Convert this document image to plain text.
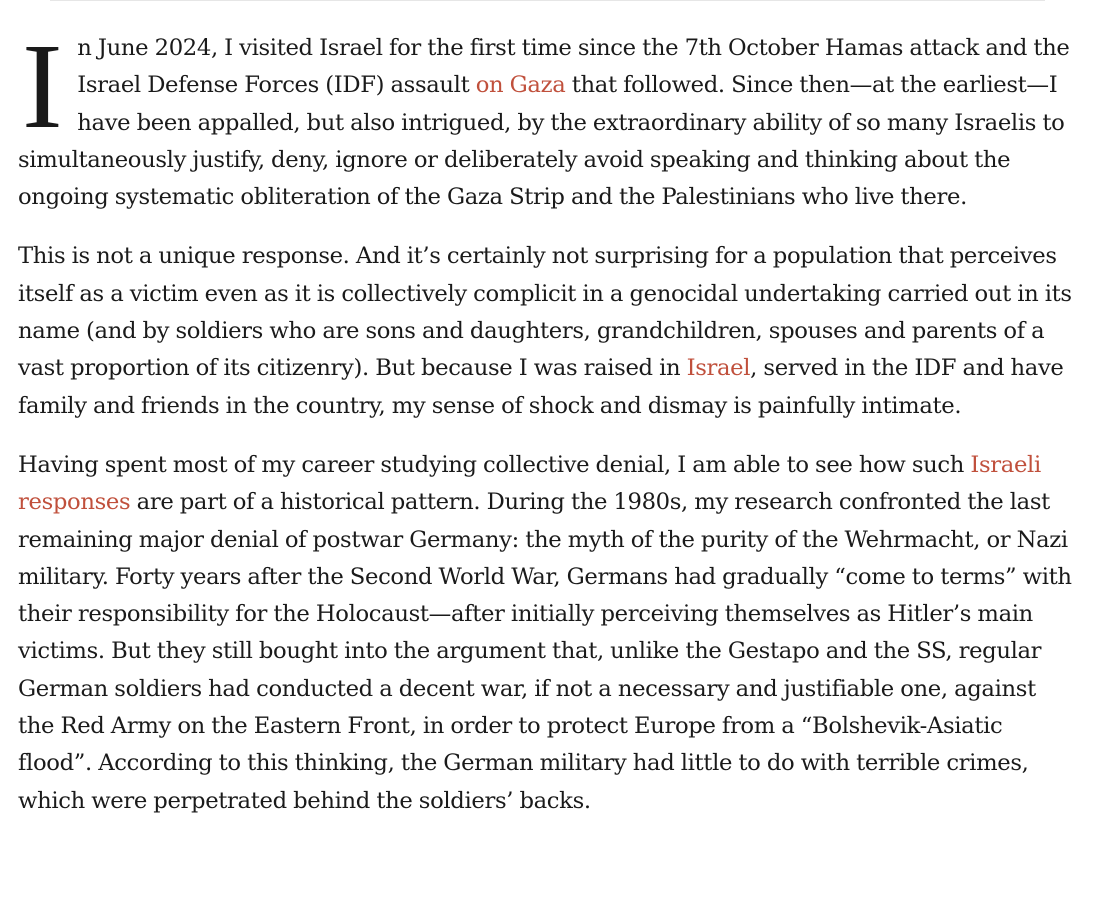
In June 2024, I visited Israel for the first time since the 7th October Hamas attack and the Israel Defense Forces (IDF) assault on Gaza that followed. Since then—at the earliest—I have been appalled, but also intrigued, by the extraordinary ability of so many Israelis to simultaneously justify, deny, ignore or deliberately avoid speaking and thinking about the ongoing systematic obliteration of the Gaza Strip and the Palestinians who live there.

This is not a unique response. And it’s certainly not surprising for a population that perceives itself as a victim even as it is collectively complicit in a genocidal undertaking carried out in its name (and by soldiers who are sons and daughters, grandchildren, spouses and parents of a vast proportion of its citizenry). But because I was raised in Israel, served in the IDF and have family and friends in the country, my sense of shock and dismay is painfully intimate.

Having spent most of my career studying collective denial, I am able to see how such Israeli responses are part of a historical pattern. During the 1980s, my research confronted the last remaining major denial of postwar Germany: the myth of the purity of the Wehrmacht, or Nazi military. Forty years after the Second World War, Germans had gradually “come to terms” with their responsibility for the Holocaust—after initially perceiving themselves as Hitler’s main victims. But they still bought into the argument that, unlike the Gestapo and the SS, regular German soldiers had conducted a decent war, if not a necessary and justifiable one, against the Red Army on the Eastern Front, in order to protect Europe from a “Bolshevik-Asiatic flood”. According to this thinking, the German military had little to do with terrible crimes, which were perpetrated behind the soldiers’ backs.
